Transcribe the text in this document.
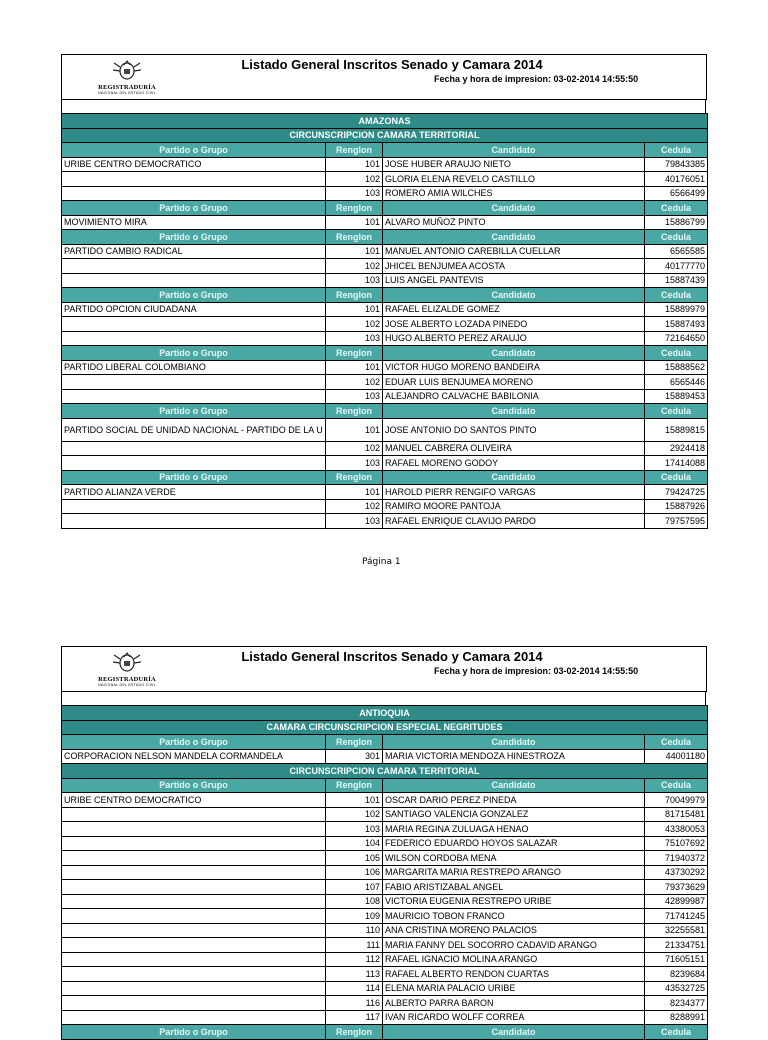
REGISTRADURÍA
NACIONAL DEL ESTADO CIVIL
Listado General Inscritos Senado y Camara 2014
Fecha y hora de impresion: 03-02-2014 14:55:50
AMAZONAS			
CIRCUNSCRIPCION CAMARA TERRITORIAL			
Partido o Grupo	Renglon	Candidato	Cedula
URIBE CENTRO DEMOCRATICO	101	JOSE HUBER ARAUJO NIETO	79843385
	102	GLORIA ELENA REVELO CASTILLO	40176051
	103	ROMERO AMIA WILCHES	6566499
Partido o Grupo	Renglon	Candidato	Cedula
MOVIMIENTO MIRA	101	ALVARO MUÑOZ PINTO	15886799
Partido o Grupo	Renglon	Candidato	Cedula
PARTIDO CAMBIO RADICAL	101	MANUEL ANTONIO CAREBILLA CUELLAR	6565585
	102	JHICEL BENJUMEA ACOSTA	40177770
	103	LUIS ANGEL PANTEVIS	15887439
Partido o Grupo	Renglon	Candidato	Cedula
PARTIDO OPCION CIUDADANA	101	RAFAEL ELIZALDE GOMEZ	15889979
	102	JOSE ALBERTO LOZADA PINEDO	15887493
	103	HUGO ALBERTO PEREZ ARAUJO	72164650
Partido o Grupo	Renglon	Candidato	Cedula
PARTIDO LIBERAL COLOMBIANO	101	VICTOR HUGO MORENO BANDEIRA	15888562
	102	EDUAR LUIS BENJUMEA MORENO	6565446
	103	ALEJANDRO CALVACHE BABILONIA	15889453
Partido o Grupo	Renglon	Candidato	Cedula
PARTIDO SOCIAL DE UNIDAD NACIONAL - PARTIDO DE LA U	101	JOSE ANTONIO DO SANTOS PINTO	15889815
	102	MANUEL CABRERA OLIVEIRA	2924418
	103	RAFAEL MORENO GODOY	17414088
Partido o Grupo	Renglon	Candidato	Cedula
PARTIDO ALIANZA VERDE	101	HAROLD PIERR RENGIFO VARGAS	79424725
	102	RAMIRO MOORE PANTOJA	15887926
	103	RAFAEL ENRIQUE CLAVIJO PARDO	79757595
Página 1
REGISTRADURÍA
NACIONAL DEL ESTADO CIVIL
Listado General Inscritos Senado y Camara 2014
Fecha y hora de impresion: 03-02-2014 14:55:50
ANTIOQUIA			
CAMARA CIRCUNSCRIPCION ESPECIAL NEGRITUDES			
Partido o Grupo	Renglon	Candidato	Cedula
CORPORACION NELSON MANDELA CORMANDELA	301	MARIA VICTORIA MENDOZA HINESTROZA	44001180
CIRCUNSCRIPCION CAMARA TERRITORIAL			
Partido o Grupo	Renglon	Candidato	Cedula
URIBE CENTRO DEMOCRATICO	101	OSCAR DARIO PEREZ PINEDA	70049979
	102	SANTIAGO VALENCIA GONZALEZ	81715481
	103	MARIA REGINA ZULUAGA HENAO	43380053
	104	FEDERICO EDUARDO HOYOS SALAZAR	75107692
	105	WILSON CORDOBA MENA	71940372
	106	MARGARITA MARIA RESTREPO ARANGO	43730292
	107	FABIO ARISTIZABAL ANGEL	79373629
	108	VICTORIA EUGENIA RESTREPO URIBE	42899987
	109	MAURICIO TOBON FRANCO	71741245
	110	ANA CRISTINA MORENO PALACIOS	32255581
	111	MARIA FANNY DEL SOCORRO CADAVID ARANGO	21334751
	112	RAFAEL IGNACIO MOLINA ARANGO	71605151
	113	RAFAEL ALBERTO RENDON CUARTAS	8239684
	114	ELENA MARIA PALACIO URIBE	43532725
	116	ALBERTO PARRA BARON	8234377
	117	IVAN RICARDO WOLFF CORREA	8288991
Partido o Grupo	Renglon	Candidato	Cedula
